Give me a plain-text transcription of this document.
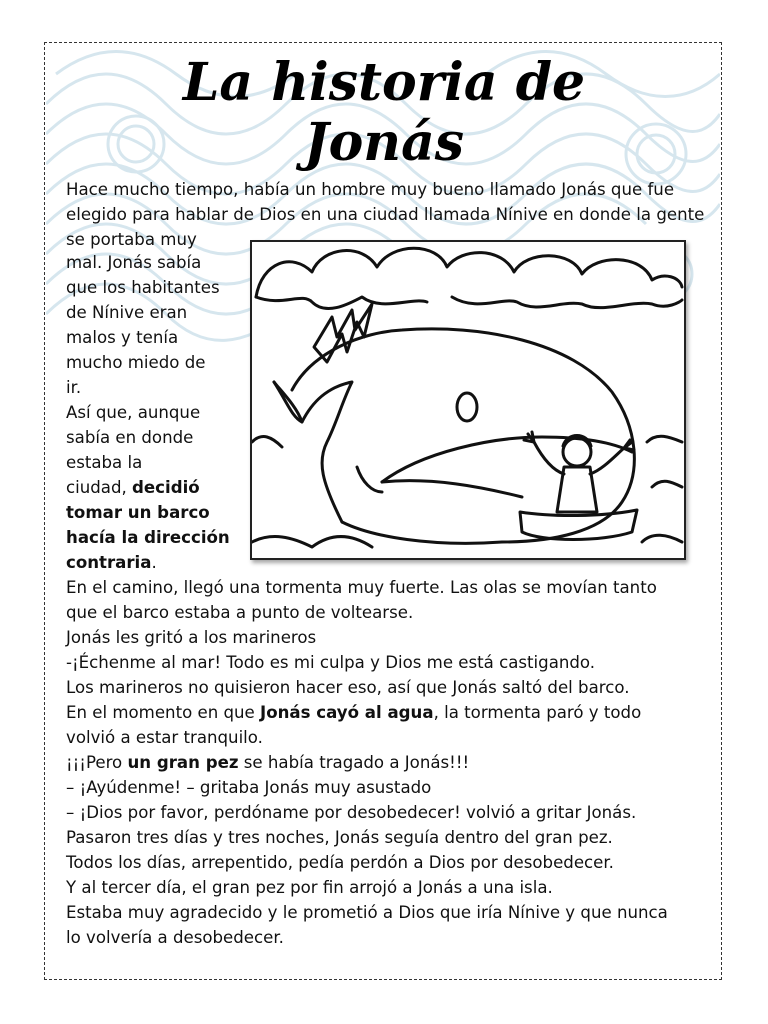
La historia de
Jonás
Hace mucho tiempo, había un hombre muy bueno llamado Jonás que fue
elegido para hablar de Dios en una ciudad llamada Nínive en donde la gente
se portaba muy
mal. Jonás sabía
que los habitantes
de Nínive eran
malos y tenía
mucho miedo de
ir.
Así que, aunque
sabía en donde
estaba la
ciudad, decidió
tomar un barco
hacía la dirección
contraria.
En el camino, llegó una tormenta muy fuerte. Las olas se movían tanto
que el barco estaba a punto de voltearse.
Jonás les gritó a los marineros
-¡Échenme al mar! Todo es mi culpa y Dios me está castigando.
Los marineros no quisieron hacer eso, así que Jonás saltó del barco.
En el momento en que Jonás cayó al agua, la tormenta paró y todo
volvió a estar tranquilo.
¡¡¡Pero un gran pez se había tragado a Jonás!!!
– ¡Ayúdenme! – gritaba Jonás muy asustado
– ¡Dios por favor, perdóname por desobedecer! volvió a gritar Jonás.
Pasaron tres días y tres noches, Jonás seguía dentro del gran pez.
Todos los días, arrepentido, pedía perdón a Dios por desobedecer.
Y al tercer día, el gran pez por fin arrojó a Jonás a una isla.
Estaba muy agradecido y le prometió a Dios que iría Nínive y que nunca
lo volvería a desobedecer.
